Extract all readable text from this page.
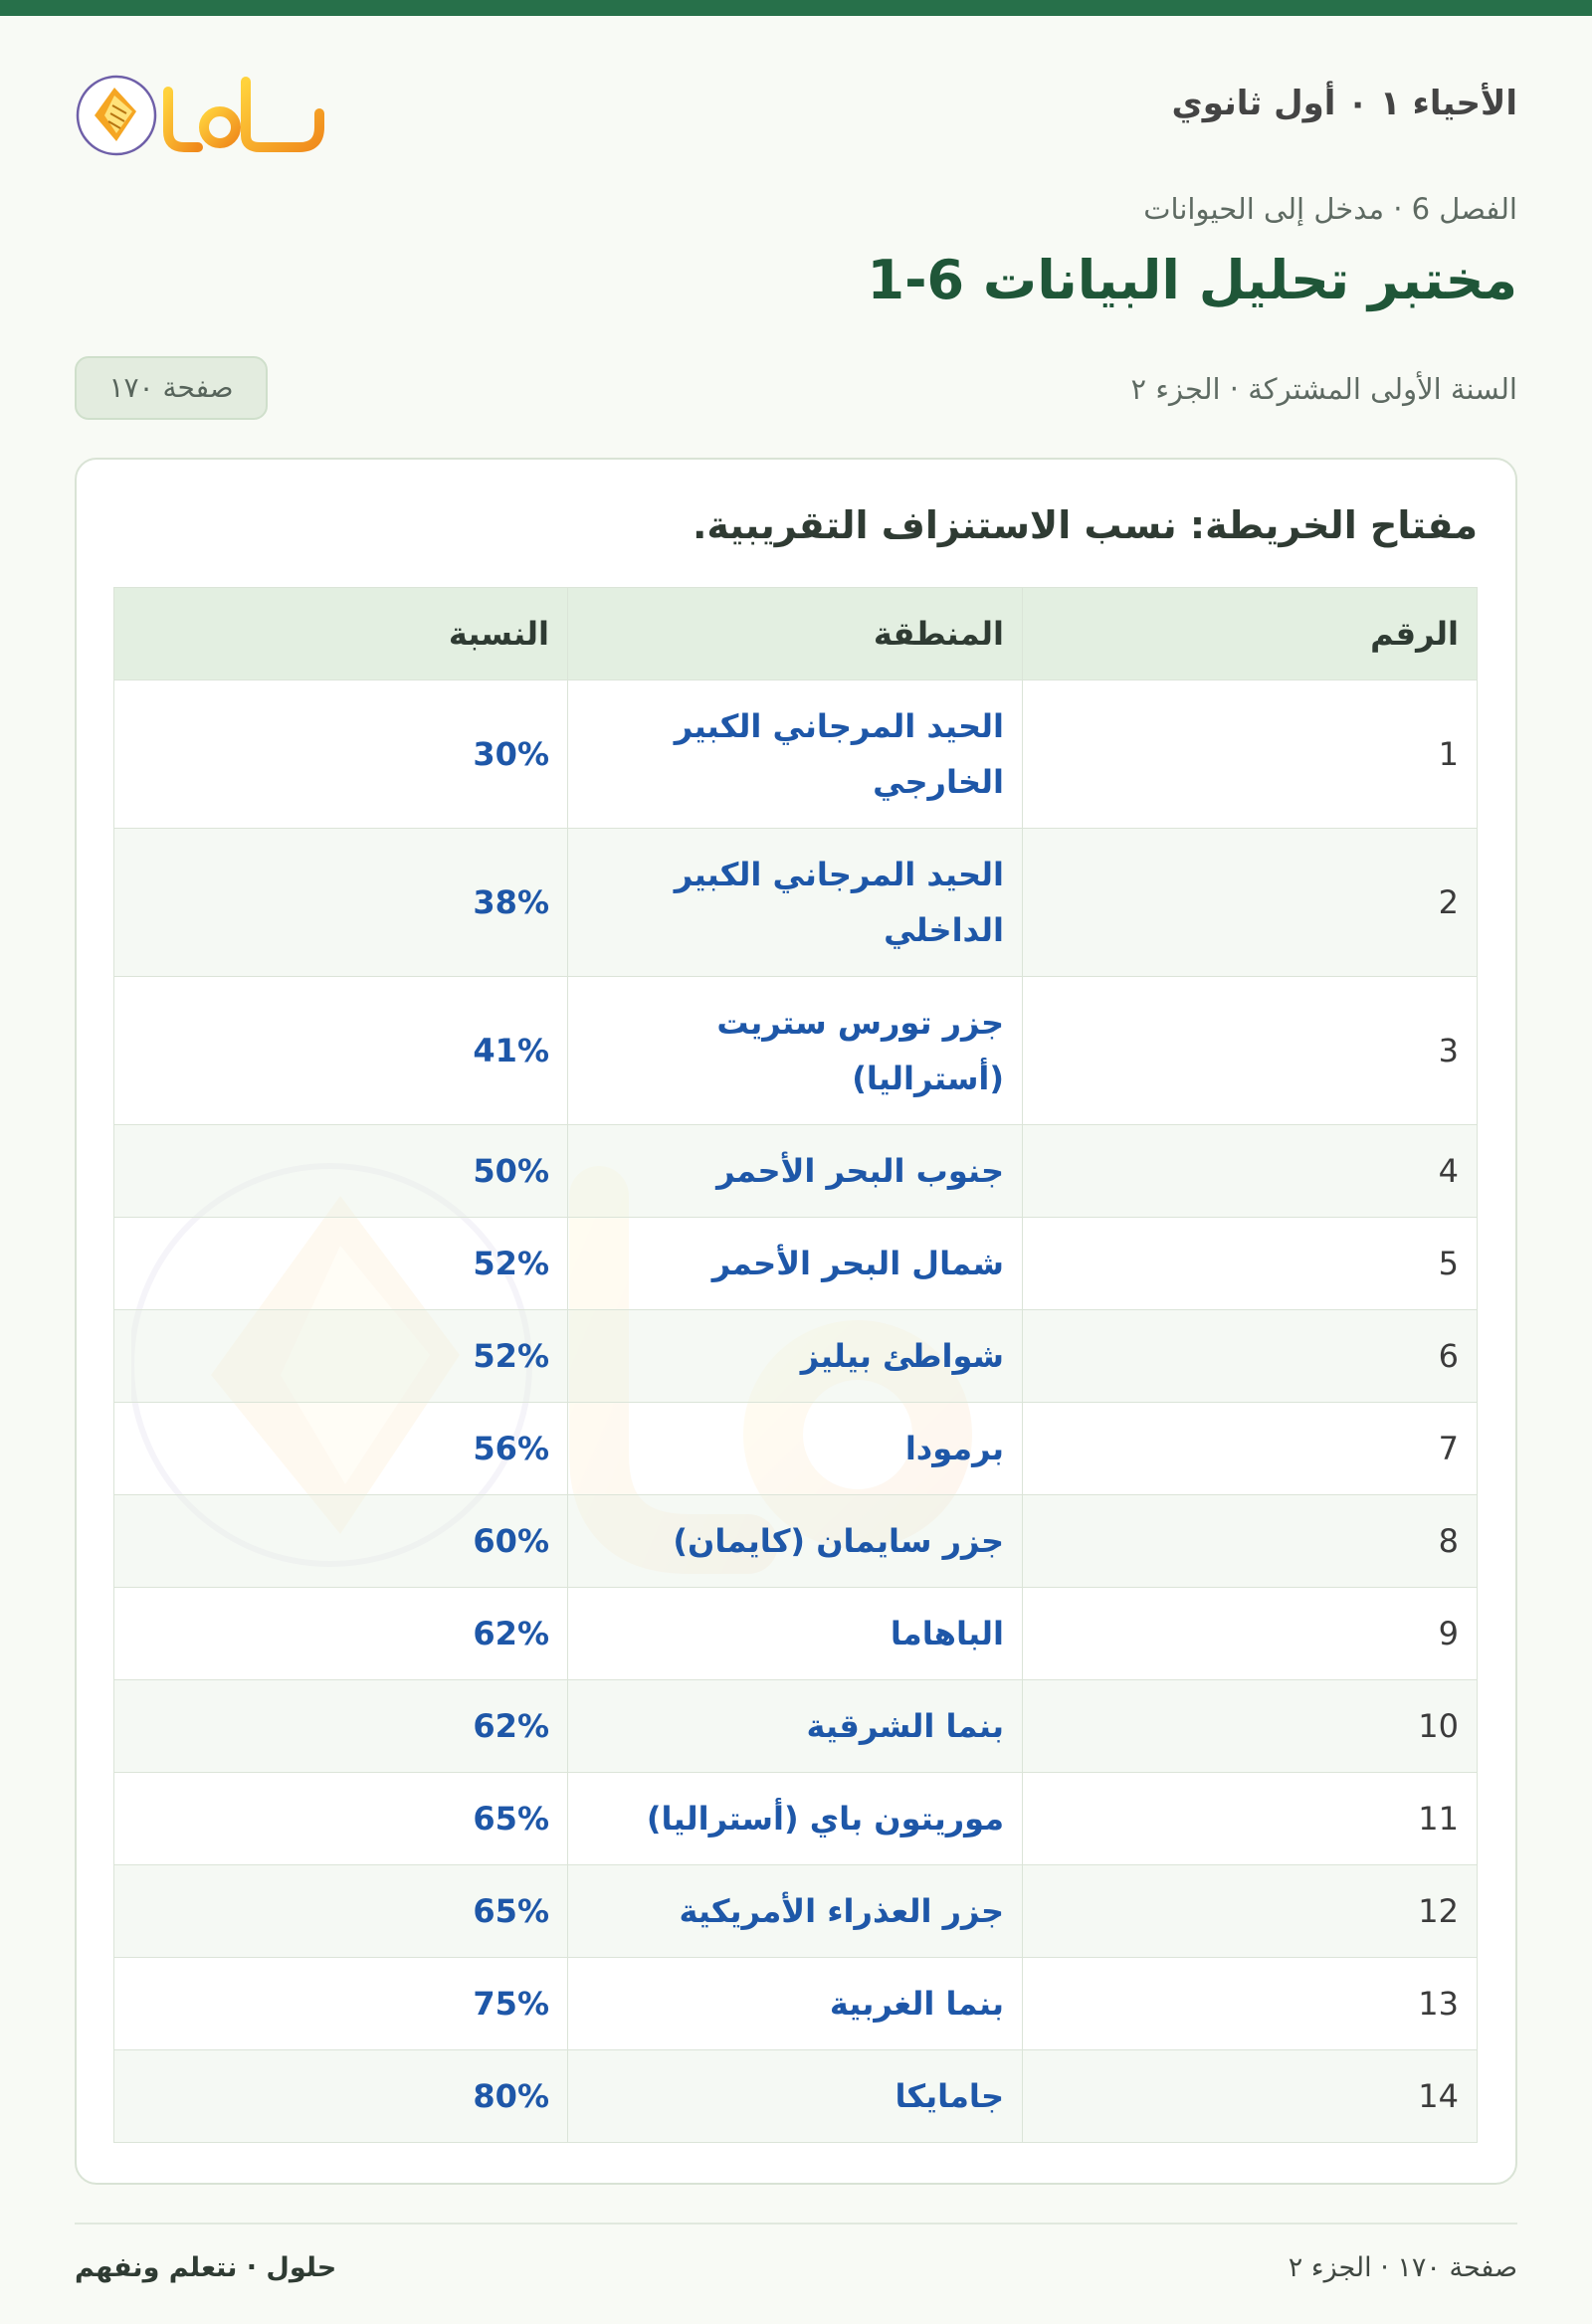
الأحياء ١ ٠ أول ثانوي
الفصل 6 · مدخل إلى الحيوانات
مختبر تحليل البيانات 6-1
السنة الأولى المشتركة · الجزء ٢
صفحة ١٧٠
مفتاح الخريطة: نسب الاستنزاف التقريبية.
الرقم	المنطقة	النسبة
1	الحيد المرجاني الكبير الخارجي	30%
2	الحيد المرجاني الكبير الداخلي	38%
3	جزر تورس ستريت (أستراليا)	41%
4	جنوب البحر الأحمر	50%
5	شمال البحر الأحمر	52%
6	شواطئ بيليز	52%
7	برمودا	56%
8	جزر سايمان (كايمان)	60%
9	الباهاما	62%
10	بنما الشرقية	62%
11	موريتون باي (أستراليا)	65%
12	جزر العذراء الأمريكية	65%
13	بنما الغربية	75%
14	جامايكا	80%
صفحة ١٧٠ · الجزء ٢
حلول · نتعلم ونفهم
